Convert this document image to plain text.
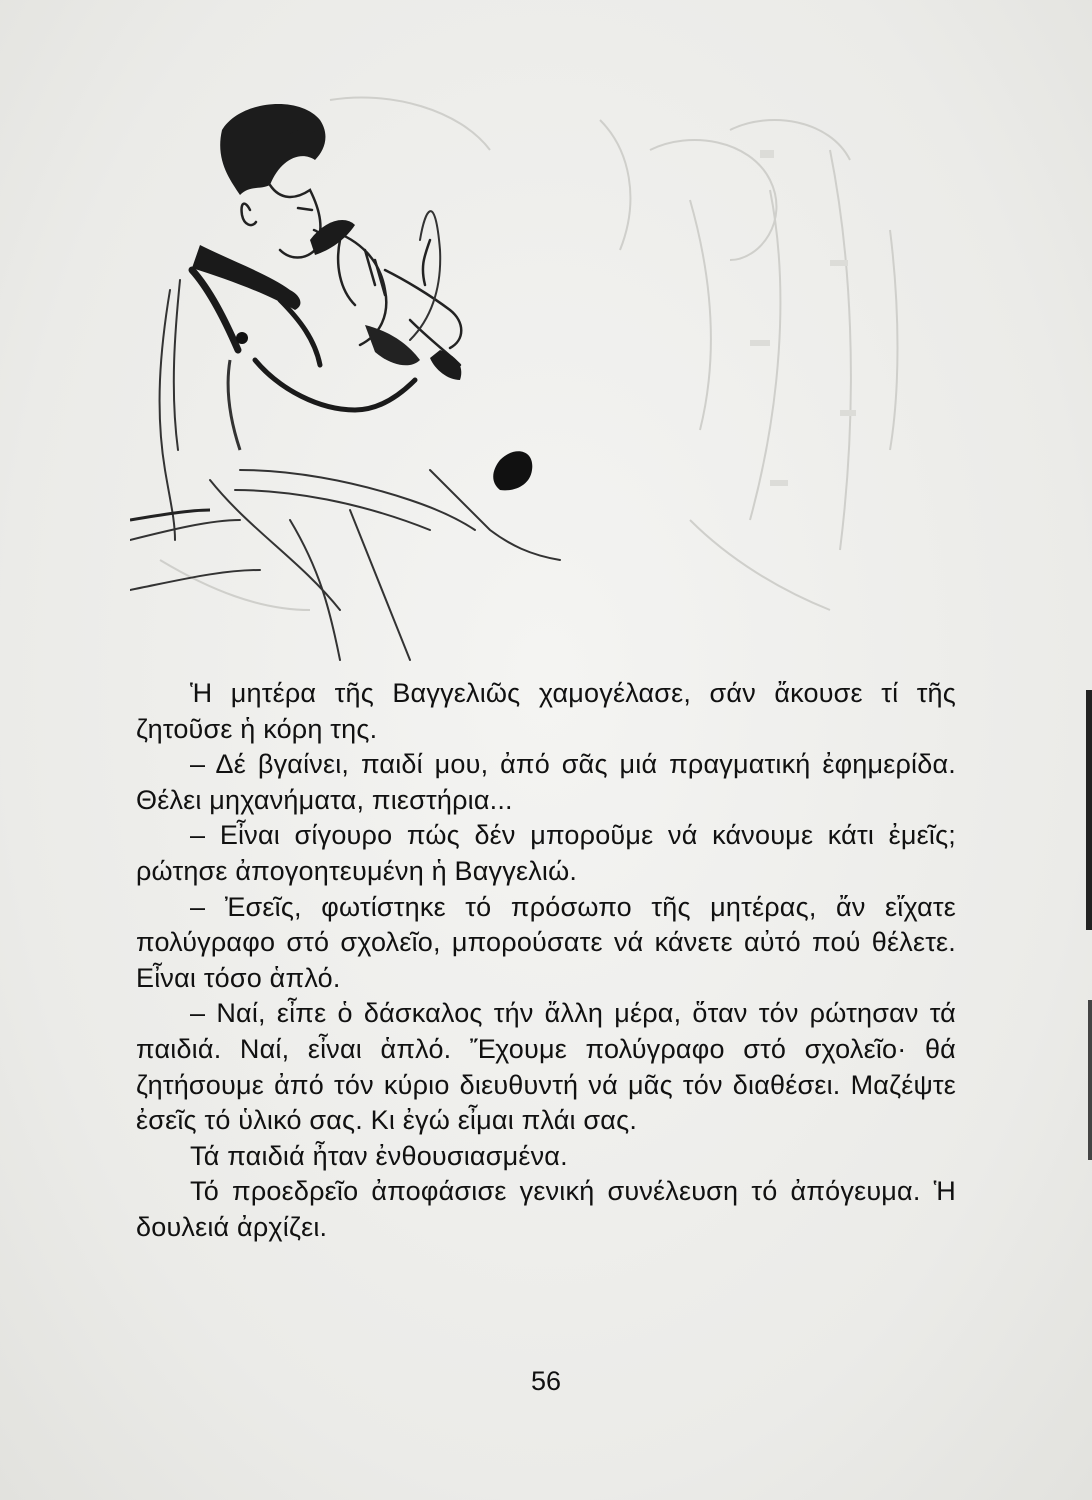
Ἡ μητέρα τῆς Βαγγελιῶς χαμογέλασε, σάν ἄκουσε τί τῆς ζητοῦσε ἡ κόρη της.

– Δέ βγαίνει, παιδί μου, ἀπό σᾶς μιά πραγματική ἐφημερίδα. Θέλει μηχανήματα, πιεστήρια...

– Εἶναι σίγουρο πώς δέν μποροῦμε νά κάνουμε κάτι ἐμεῖς; ρώτησε ἀπογοητευμένη ἡ Βαγγελιώ.

– Ἐσεῖς, φωτίστηκε τό πρόσωπο τῆς μητέρας, ἄν εἴχατε πολύγραφο στό σχολεῖο, μπορούσατε νά κάνετε αὐτό πού θέλετε. Εἶναι τόσο ἁπλό.

– Ναί, εἶπε ὁ δάσκαλος τήν ἄλλη μέρα, ὅταν τόν ρώτησαν τά παιδιά. Ναί, εἶναι ἁπλό. Ἔχουμε πολύγραφο στό σχολεῖο· θά ζητήσουμε ἀπό τόν κύριο διευθυντή νά μᾶς τόν διαθέσει. Μαζέψτε ἐσεῖς τό ὑλικό σας. Κι ἐγώ εἶμαι πλάι σας.

Τά παιδιά ἦταν ἐνθουσιασμένα.

Τό προεδρεῖο ἀποφάσισε γενική συνέλευση τό ἀπόγευμα. Ἡ δουλειά ἀρχίζει.

56
